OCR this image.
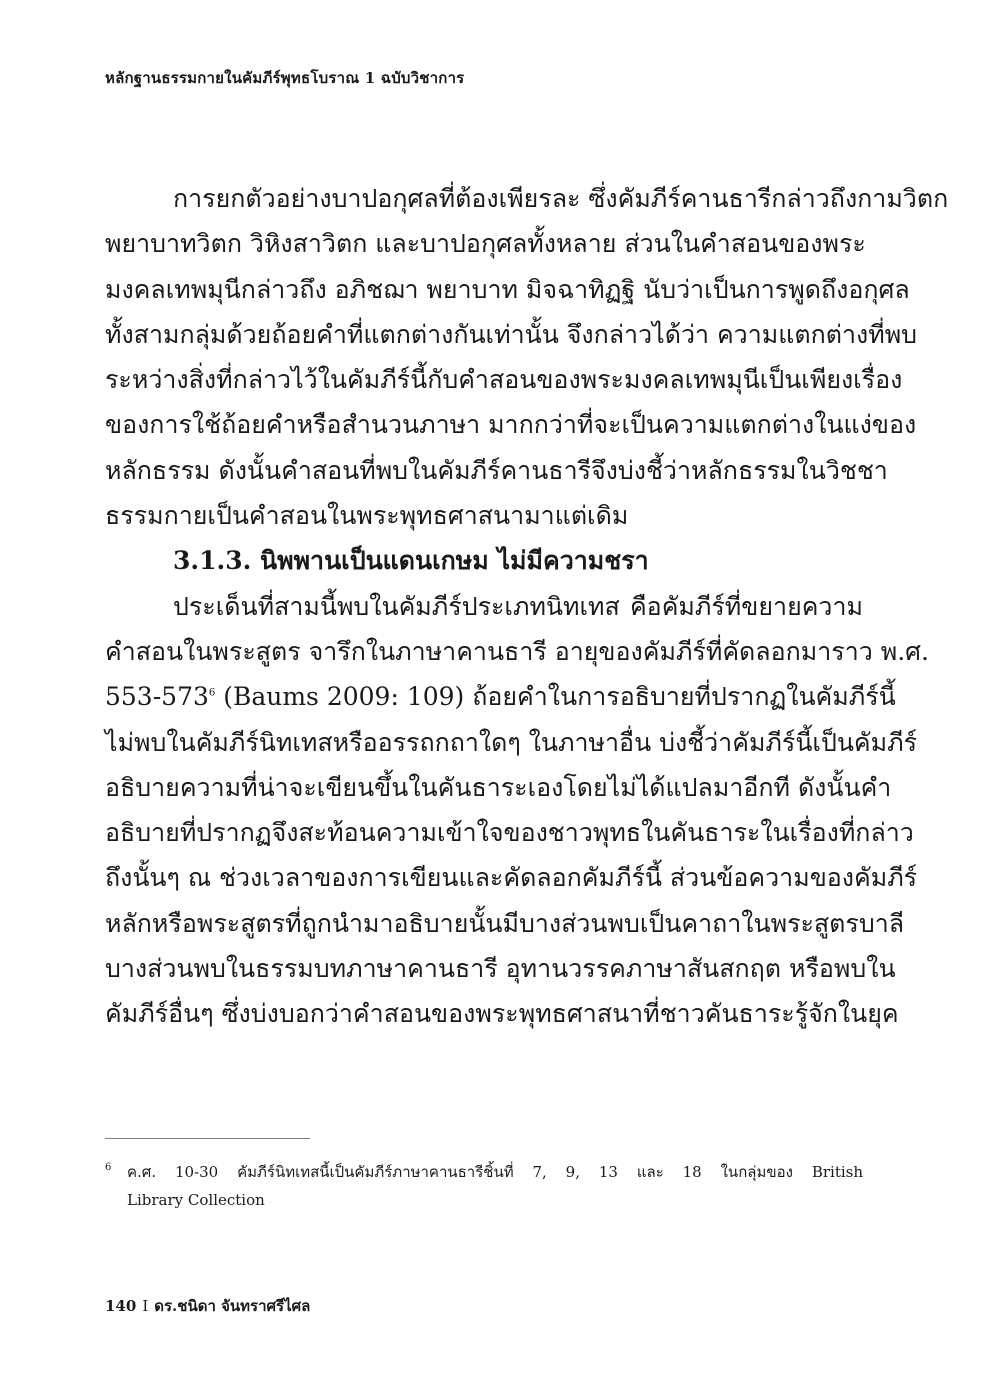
หลักฐานธรรมกายในคัมภีร์พุทธโบราณ 1 ฉบับวิชาการ
การยกตัวอย่างบาปอกุศลที่ต้องเพียรละ ซึ่งคัมภีร์คานธารีกล่าวถึงกามวิตก
พยาบาทวิตก วิหิงสาวิตก และบาปอกุศลทั้งหลาย ส่วนในคำสอนของพระ
มงคลเทพมุนีกล่าวถึง อภิชฌา พยาบาท มิจฉาทิฏฐิ นับว่าเป็นการพูดถึงอกุศล
ทั้งสามกลุ่มด้วยถ้อยคำที่แตกต่างกันเท่านั้น จึงกล่าวได้ว่า ความแตกต่างที่พบ
ระหว่างสิ่งที่กล่าวไว้ในคัมภีร์นี้กับคำสอนของพระมงคลเทพมุนีเป็นเพียงเรื่อง
ของการใช้ถ้อยคำหรือสำนวนภาษา มากกว่าที่จะเป็นความแตกต่างในแง่ของ
หลักธรรม ดังนั้นคำสอนที่พบในคัมภีร์คานธารีจึงบ่งชี้ว่าหลักธรรมในวิชชา
ธรรมกายเป็นคำสอนในพระพุทธศาสนามาแต่เดิม
3.1.3. นิพพานเป็นแดนเกษม ไม่มีความชรา
ประเด็นที่สามนี้พบในคัมภีร์ประเภทนิทเทส คือคัมภีร์ที่ขยายความ
คำสอนในพระสูตร จารึกในภาษาคานธารี อายุของคัมภีร์ที่คัดลอกมาราว พ.ศ.
553-573$^6$ (Baums 2009: 109) ถ้อยคำในการอธิบายที่ปรากฏในคัมภีร์นี้
ไม่พบในคัมภีร์นิทเทสหรืออรรถกถาใดๆ ในภาษาอื่น บ่งชี้ว่าคัมภีร์นี้เป็นคัมภีร์
อธิบายความที่น่าจะเขียนขึ้นในคันธาระเองโดยไม่ได้แปลมาอีกที ดังนั้นคำ
อธิบายที่ปรากฏจึงสะท้อนความเข้าใจของชาวพุทธในคันธาระในเรื่องที่กล่าว
ถึงนั้นๆ ณ ช่วงเวลาของการเขียนและคัดลอกคัมภีร์นี้ ส่วนข้อความของคัมภีร์
หลักหรือพระสูตรที่ถูกนำมาอธิบายนั้นมีบางส่วนพบเป็นคาถาในพระสูตรบาลี
บางส่วนพบในธรรมบทภาษาคานธารี อุทานวรรคภาษาสันสกฤต หรือพบใน
คัมภีร์อื่นๆ ซึ่งบ่งบอกว่าคำสอนของพระพุทธศาสนาที่ชาวคันธาระรู้จักในยุค
6	ค.ศ. 10-30 คัมภีร์นิทเทสนี้เป็นคัมภีร์ภาษาคานธารีชิ้นที่ 7, 9, 13 และ 18 ในกลุ่มของ British
Library Collection
140 I ดร.ชนิดา จันทราศรีไศล
